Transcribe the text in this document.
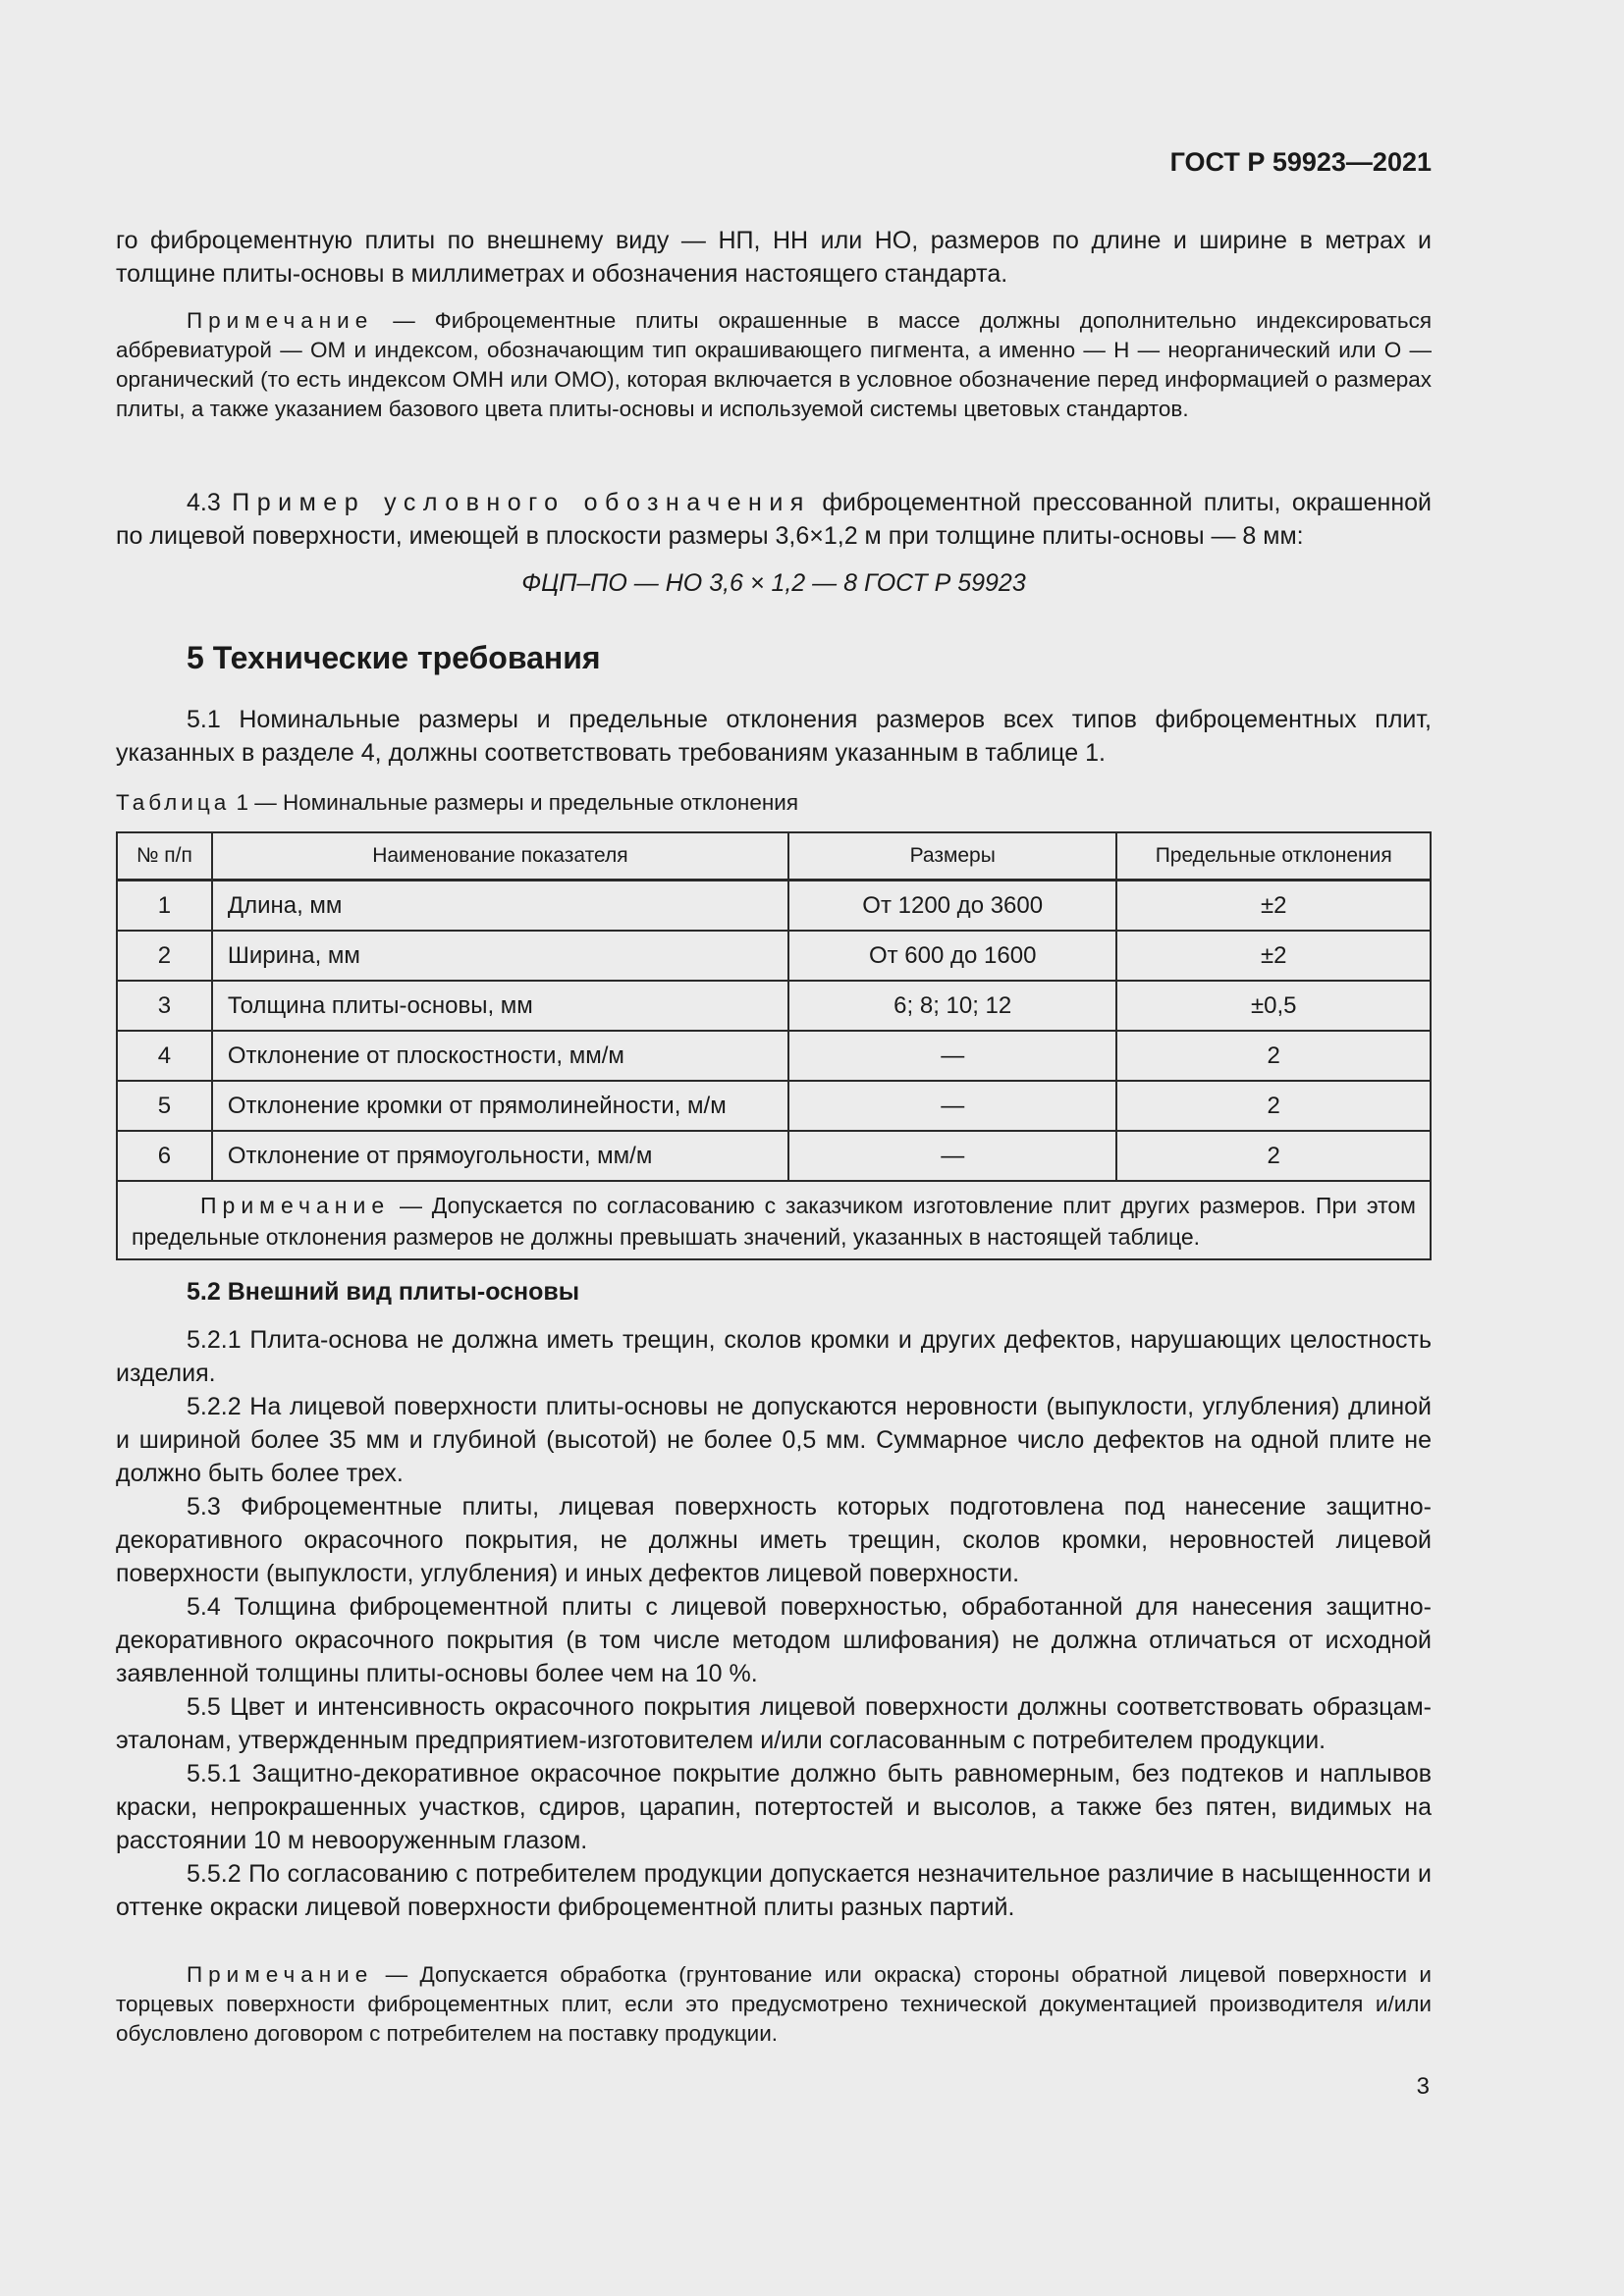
ГОСТ Р 59923—2021

го фиброцементную плиты по внешнему виду — НП, НН или НО, размеров по длине и ширине в метрах и толщине плиты-основы в миллиметрах и обозначения настоящего стандарта.

Примечание — Фиброцементные плиты окрашенные в массе должны дополнительно индексироваться аббревиатурой — ОМ и индексом, обозначающим тип окрашивающего пигмента, а именно — Н — неорганический или О — органический (то есть индексом ОМН или ОМО), которая включается в условное обозначение перед информацией о размерах плиты, а также указанием базового цвета плиты-основы и используемой системы цветовых стандартов.

4.3 Пример условного обозначения фиброцементной прессованной плиты, окрашенной по лицевой поверхности, имеющей в плоскости размеры 3,6×1,2 м при толщине плиты-основы — 8 мм:

ФЦП–ПО — НО 3,6 × 1,2 — 8 ГОСТ Р 59923
5 Технические требования

5.1 Номинальные размеры и предельные отклонения размеров всех типов фиброцементных плит, указанных в разделе 4, должны соответствовать требованиям указанным в таблице 1.

Таблица 1 — Номинальные размеры и предельные отклонения
№ п/п	Наименование показателя	Размеры	Предельные отклонения
1	Длина, мм	От 1200 до 3600	±2
2	Ширина, мм	От 600 до 1600	±2
3	Толщина плиты-основы, мм	6; 8; 10; 12	±0,5
4	Отклонение от плоскостности, мм/м	—	2
5	Отклонение кромки от прямолинейности, м/м	—	2
6	Отклонение от прямоугольности, мм/м	—	2
Примечание — Допускается по согласованию с заказчиком изготовление плит других размеров. При этом предельные отклонения размеров не должны превышать значений, указанных в настоящей таблице.			
5.2 Внешний вид плиты-основы

5.2.1 Плита-основа не должна иметь трещин, сколов кромки и других дефектов, нарушающих целостность изделия.

5.2.2 На лицевой поверхности плиты-основы не допускаются неровности (выпуклости, углубления) длиной и шириной более 35 мм и глубиной (высотой) не более 0,5 мм. Суммарное число дефектов на одной плите не должно быть более трех.

5.3 Фиброцементные плиты, лицевая поверхность которых подготовлена под нанесение защитно-декоративного окрасочного покрытия, не должны иметь трещин, сколов кромки, неровностей лицевой поверхности (выпуклости, углубления) и иных дефектов лицевой поверхности.

5.4 Толщина фиброцементной плиты с лицевой поверхностью, обработанной для нанесения защитно-декоративного окрасочного покрытия (в том числе методом шлифования) не должна отличаться от исходной заявленной толщины плиты-основы более чем на 10 %.

5.5 Цвет и интенсивность окрасочного покрытия лицевой поверхности должны соответствовать образцам-эталонам, утвержденным предприятием-изготовителем и/или согласованным с потребителем продукции.

5.5.1 Защитно-декоративное окрасочное покрытие должно быть равномерным, без подтеков и наплывов краски, непрокрашенных участков, сдиров, царапин, потертостей и высолов, а также без пятен, видимых на расстоянии 10 м невооруженным глазом.

5.5.2 По согласованию с потребителем продукции допускается незначительное различие в насыщенности и оттенке окраски лицевой поверхности фиброцементной плиты разных партий.

Примечание — Допускается обработка (грунтование или окраска) стороны обратной лицевой поверхности и торцевых поверхности фиброцементных плит, если это предусмотрено технической документацией производителя и/или обусловлено договором с потребителем на поставку продукции.

3
